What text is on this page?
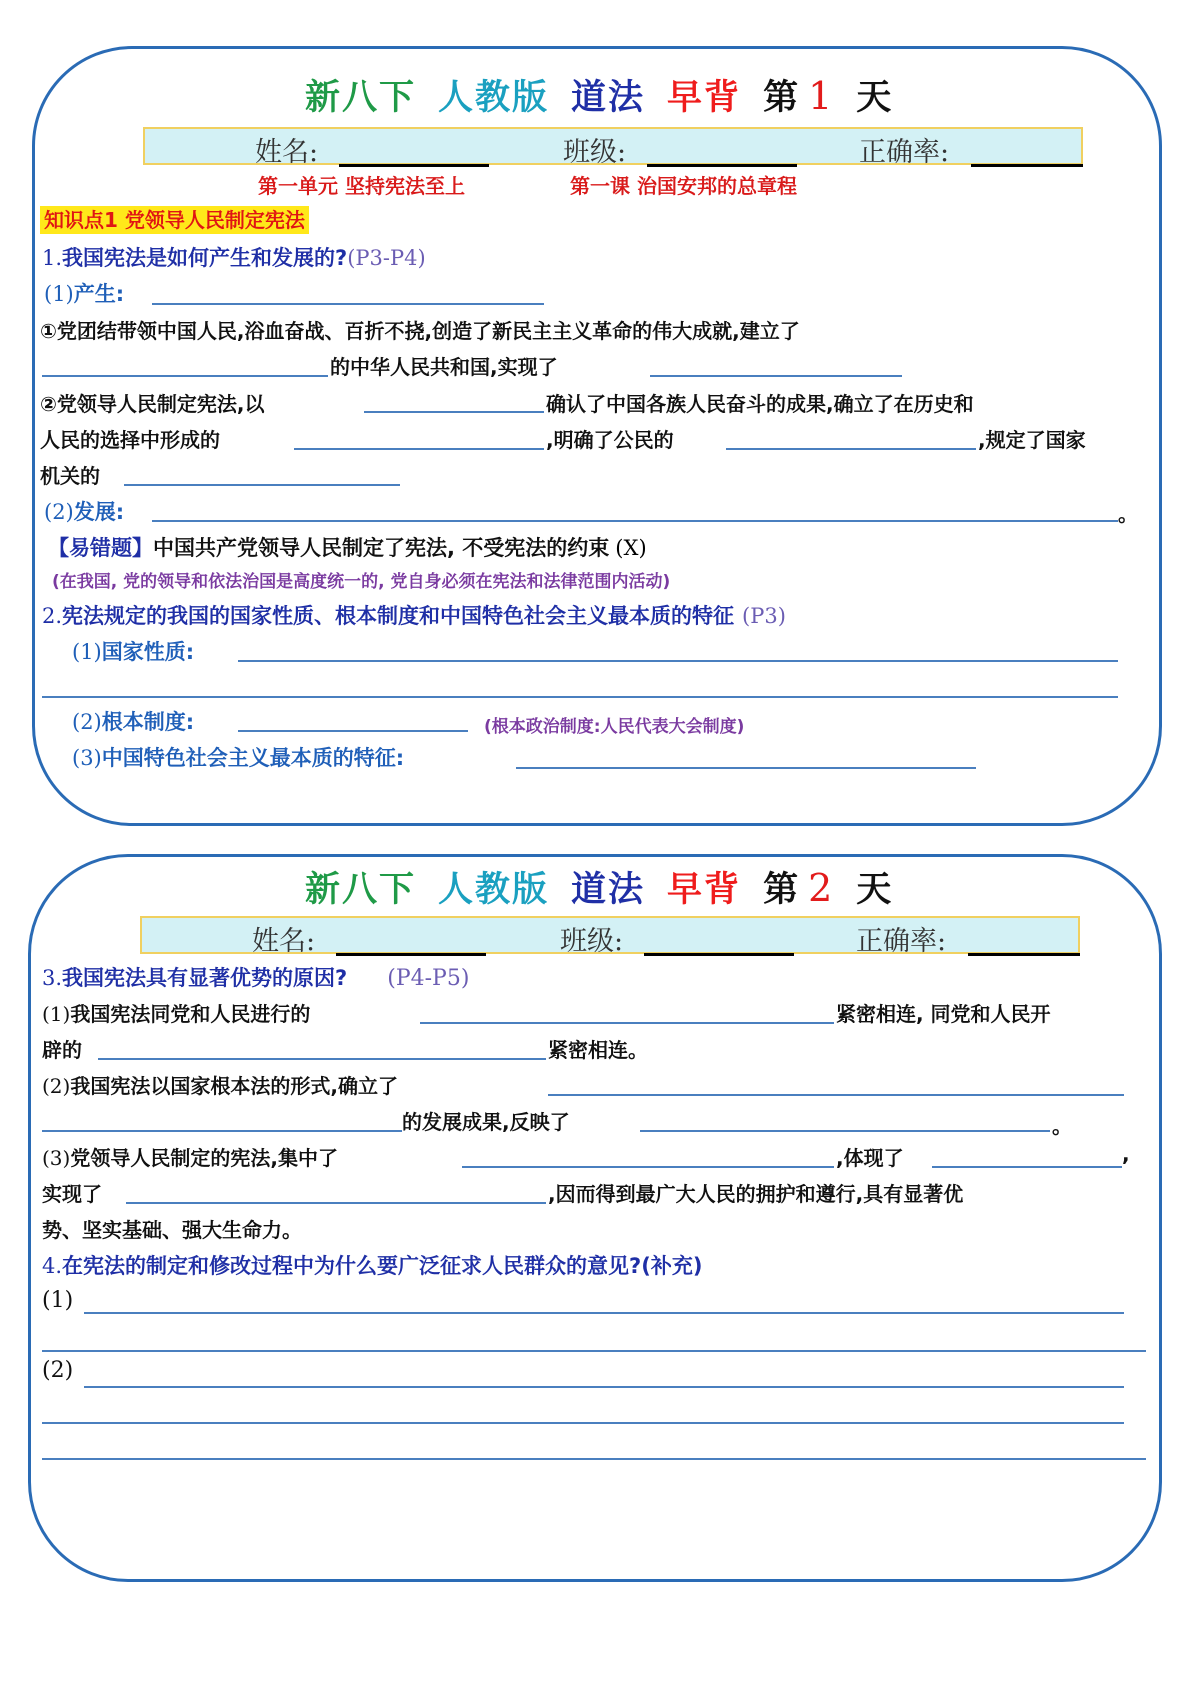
新八下 人教版 道法 早背 第 1 天
姓名:	班级:	正确率:
第一单元 坚持宪法至上	第一课 治国安邦的总章程
知识点1 党领导人民制定宪法
1.我国宪法是如何产生和发展的?(P3-P4)
(1)产生:
①党团结带领中国人民,浴血奋战、百折不挠,创造了新民主主义革命的伟大成就,建立了
的中华人民共和国,实现了
②党领导人民制定宪法,以	确认了中国各族人民奋斗的成果,确立了在历史和
人民的选择中形成的	,明确了公民的	,规定了国家
机关的
(2)发展:	。
【易错题】中国共产党领导人民制定了宪法, 不受宪法的约束 (X)
(在我国, 党的领导和依法治国是高度统一的, 党自身必须在宪法和法律范围内活动)
2.宪法规定的我国的国家性质、根本制度和中国特色社会主义最本质的特征 (P3)
(1)国家性质:
(2)根本制度:	(根本政治制度:人民代表大会制度)
(3)中国特色社会主义最本质的特征:
新八下 人教版 道法 早背 第 2 天
姓名:	班级:	正确率:
3.我国宪法具有显著优势的原因? (P4-P5)
(1)我国宪法同党和人民进行的	紧密相连, 同党和人民开
辟的	紧密相连。
(2)我国宪法以国家根本法的形式,确立了
的发展成果,反映了	。
(3)党领导人民制定的宪法,集中了	,体现了	,
实现了	,因而得到最广大人民的拥护和遵行,具有显著优
势、坚实基础、强大生命力。
4.在宪法的制定和修改过程中为什么要广泛征求人民群众的意见?(补充)
(1)
(2)
